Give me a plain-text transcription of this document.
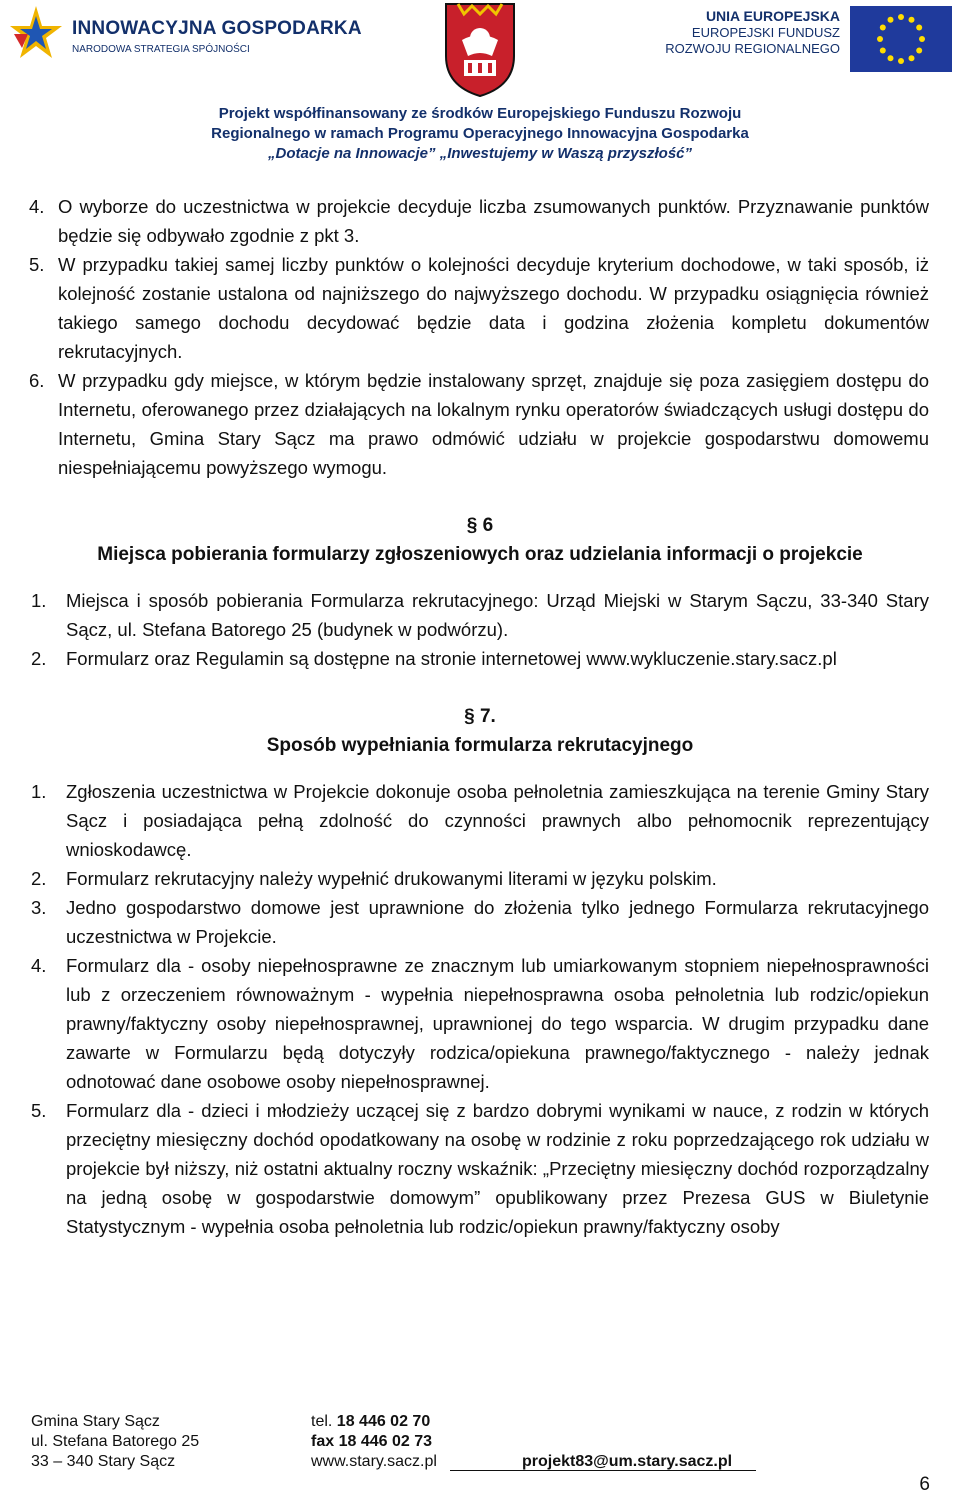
INNOWACYJNA GOSPODARKA
NARODOWA STRATEGIA SPÓJNOŚCI
UNIA EUROPEJSKA
EUROPEJSKI FUNDUSZ
ROZWOJU REGIONALNEGO
Projekt współfinansowany ze środków Europejskiego Funduszu Rozwoju
Regionalnego w ramach Programu Operacyjnego Innowacyjna Gospodarka
„Dotacje na Innowacje” „Inwestujemy w Waszą przyszłość”
4. O wyborze do uczestnictwa w projekcie decyduje liczba zsumowanych punktów. Przyznawanie punktów będzie się odbywało zgodnie z pkt 3.

5. W przypadku takiej samej liczby punktów o kolejności decyduje kryterium dochodowe, w taki sposób, iż kolejność zostanie ustalona od najniższego do najwyższego dochodu. W przypadku osiągnięcia również takiego samego dochodu decydować będzie data i godzina złożenia kompletu dokumentów rekrutacyjnych.

6. W przypadku gdy miejsce, w którym będzie instalowany sprzęt, znajduje się poza zasięgiem dostępu do Internetu, oferowanego przez działających na lokalnym rynku operatorów świadczących usługi dostępu do Internetu, Gmina Stary Sącz ma prawo odmówić udziału w projekcie gospodarstwu domowemu niespełniającemu powyższego wymogu.

§ 6
Miejsca pobierania formularzy zgłoszeniowych oraz udzielania informacji o projekcie
1. Miejsca i sposób pobierania Formularza rekrutacyjnego: Urząd Miejski w Starym Sączu, 33-340 Stary Sącz, ul. Stefana Batorego 25 (budynek w podwórzu).

2. Formularz oraz Regulamin są dostępne na stronie internetowej www.wykluczenie.stary.sacz.pl

§ 7.
Sposób wypełniania formularza rekrutacyjnego
1. Zgłoszenia uczestnictwa w Projekcie dokonuje osoba pełnoletnia zamieszkująca na terenie Gminy Stary Sącz i posiadająca pełną zdolność do czynności prawnych albo pełnomocnik reprezentujący wnioskodawcę.

2. Formularz rekrutacyjny należy wypełnić drukowanymi literami w języku polskim.

3. Jedno gospodarstwo domowe jest uprawnione do złożenia tylko jednego Formularza rekrutacyjnego uczestnictwa w Projekcie.

4. Formularz dla - osoby niepełnosprawne ze znacznym lub umiarkowanym stopniem niepełnosprawności lub z orzeczeniem równoważnym - wypełnia niepełnosprawna osoba pełnoletnia lub rodzic/opiekun prawny/faktyczny osoby niepełnosprawnej, uprawnionej do tego wsparcia. W drugim przypadku dane zawarte w Formularzu będą dotyczyły rodzica/opiekuna prawnego/faktycznego - należy jednak odnotować dane osobowe osoby niepełnosprawnej.

5. Formularz dla - dzieci i młodzieży uczącej się z bardzo dobrymi wynikami w nauce, z rodzin w których przeciętny miesięczny dochód opodatkowany na osobę w rodzinie z roku poprzedzającego rok udziału w projekcie był niższy, niż ostatni aktualny roczny wskaźnik: „Przeciętny miesięczny dochód rozporządzalny na jedną osobę w gospodarstwie domowym” opublikowany przez Prezesa GUS w Biuletynie Statystycznym - wypełnia osoba pełnoletnia lub rodzic/opiekun prawny/faktyczny osoby

Gmina Stary Sącz
ul. Stefana Batorego 25
33 – 340 Stary Sącz
tel. 18 446 02 70
fax 18 446 02 73
www.stary.sacz.pl	projekt83@um.stary.sacz.pl
6
